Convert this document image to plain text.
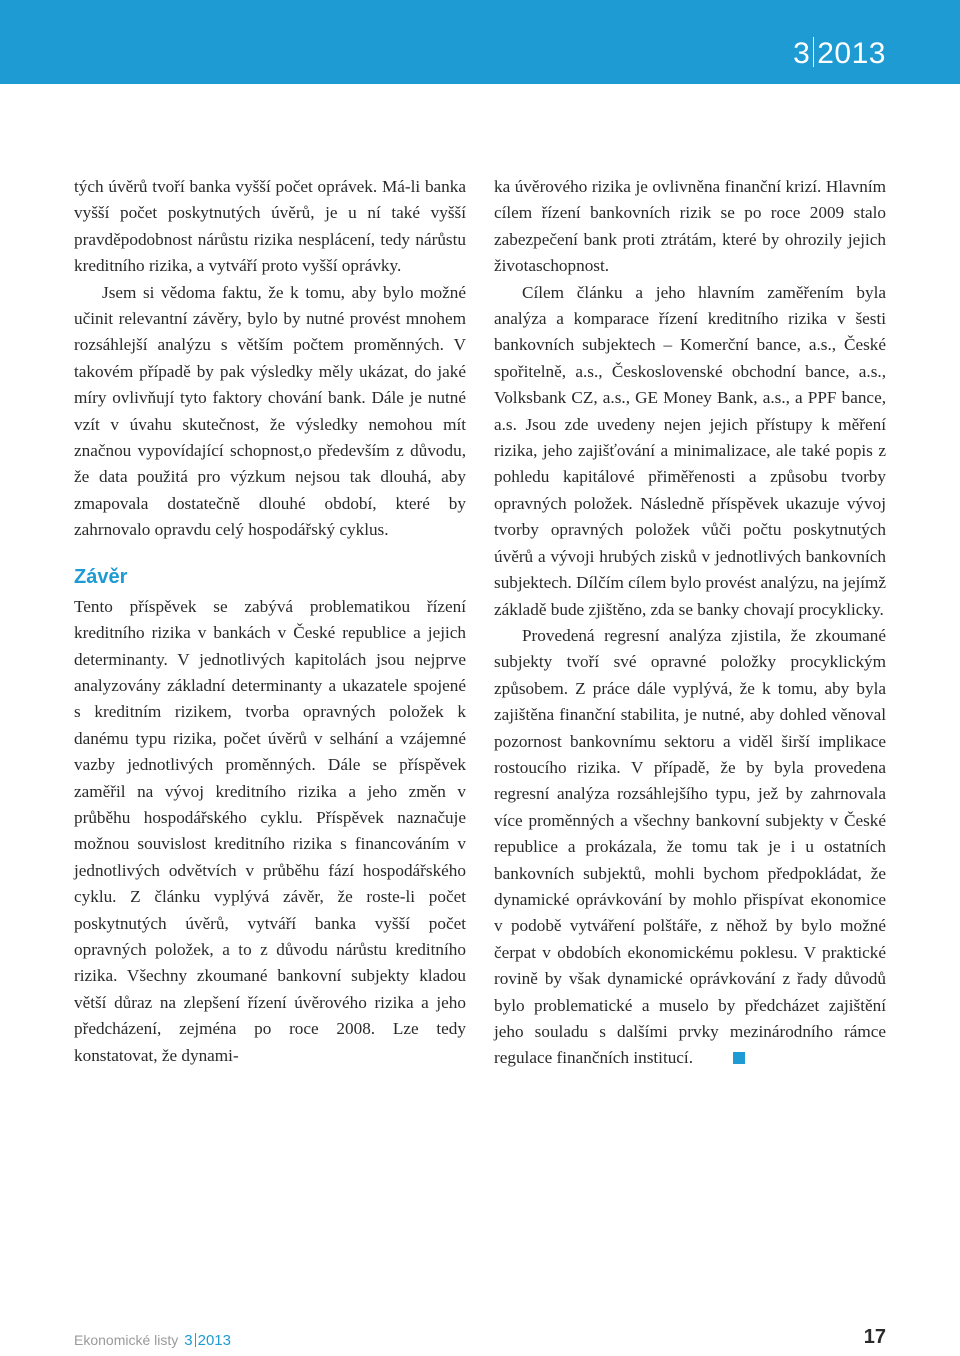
3 2013

tých úvěrů tvoří banka vyšší počet oprávek. Má-li banka vyšší počet poskytnutých úvěrů, je u ní také vyšší pravděpodobnost nárůstu rizika nesplácení, tedy nárůstu kreditního rizika, a vytváří proto vyšší oprávky.

Jsem si vědoma faktu, že k tomu, aby bylo možné učinit relevantní závěry, bylo by nutné provést mnohem rozsáhlejší analýzu s větším počtem proměnných. V takovém případě by pak výsledky měly ukázat, do jaké míry ovlivňují tyto faktory chování bank. Dále je nutné vzít v úvahu skutečnost, že výsledky nemohou mít značnou vypovídající schopnost,o především z důvodu, že data použitá pro výzkum nejsou tak dlouhá, aby zmapovala dostatečně dlouhé období, které by zahrnovalo opravdu celý hospodářský cyklus.

Závěr

Tento příspěvek se zabývá problematikou řízení kreditního rizika v bankách v České republice a jejich determinanty. V jednotlivých kapitolách jsou nejprve analyzovány základní determinanty a ukazatele spojené s kreditním rizikem, tvorba opravných položek k danému typu rizika, počet úvěrů v selhání a vzájemné vazby jednotlivých proměnných. Dále se příspěvek zaměřil na vývoj kreditního rizika a jeho změn v průběhu hospodářského cyklu. Příspěvek naznačuje možnou souvislost kreditního rizika s financováním v jednotlivých odvětvích v průběhu fází hospodářského cyklu. Z článku vyplývá závěr, že roste-li počet poskytnutých úvěrů, vytváří banka vyšší počet opravných položek, a to z důvodu nárůstu kreditního rizika. Všechny zkoumané bankovní subjekty kladou větší důraz na zlepšení řízení úvěrového rizika a jeho předcházení, zejména po roce 2008. Lze tedy konstatovat, že dynami-

ka úvěrového rizika je ovlivněna finanční krizí. Hlavním cílem řízení bankovních rizik se po roce 2009 stalo zabezpečení bank proti ztrátám, které by ohrozily jejich životaschopnost.

Cílem článku a jeho hlavním zaměřením byla analýza a komparace řízení kreditního rizika v šesti bankovních subjektech – Komerční bance, a.s., České spořitelně, a.s., Československé obchodní bance, a.s., Volksbank CZ, a.s., GE Money Bank, a.s., a PPF bance, a.s. Jsou zde uvedeny nejen jejich přístupy k měření rizika, jeho zajišťování a minimalizace, ale také popis z pohledu kapitálové přiměřenosti a způsobu tvorby opravných položek. Následně příspěvek ukazuje vývoj tvorby opravných položek vůči počtu poskytnutých úvěrů a vývoji hrubých zisků v jednotlivých bankovních subjektech. Dílčím cílem bylo provést analýzu, na jejímž základě bude zjištěno, zda se banky chovají procyklicky.

Provedená regresní analýza zjistila, že zkoumané subjekty tvoří své opravné položky procyklickým způsobem. Z práce dále vyplývá, že k tomu, aby byla zajištěna finanční stabilita, je nutné, aby dohled věnoval pozornost bankovnímu sektoru a viděl širší implikace rostoucího rizika. V případě, že by byla provedena regresní analýza rozsáhlejšího typu, jež by zahrnovala více proměnných a všechny bankovní subjekty v České republice a prokázala, že tomu tak je i u ostatních bankovních subjektů, mohli bychom předpokládat, že dynamické oprávkování by mohlo přispívat ekonomice v podobě vytváření polštáře, z něhož by bylo možné čerpat v obdobích ekonomickému poklesu. V praktické rovině by však dynamické oprávkování z řady důvodů bylo problematické a muselo by předcházet zajištění jeho souladu s dalšími prvky mezinárodního rámce regulace finančních institucí.

Ekonomické listy 3 2013	17
